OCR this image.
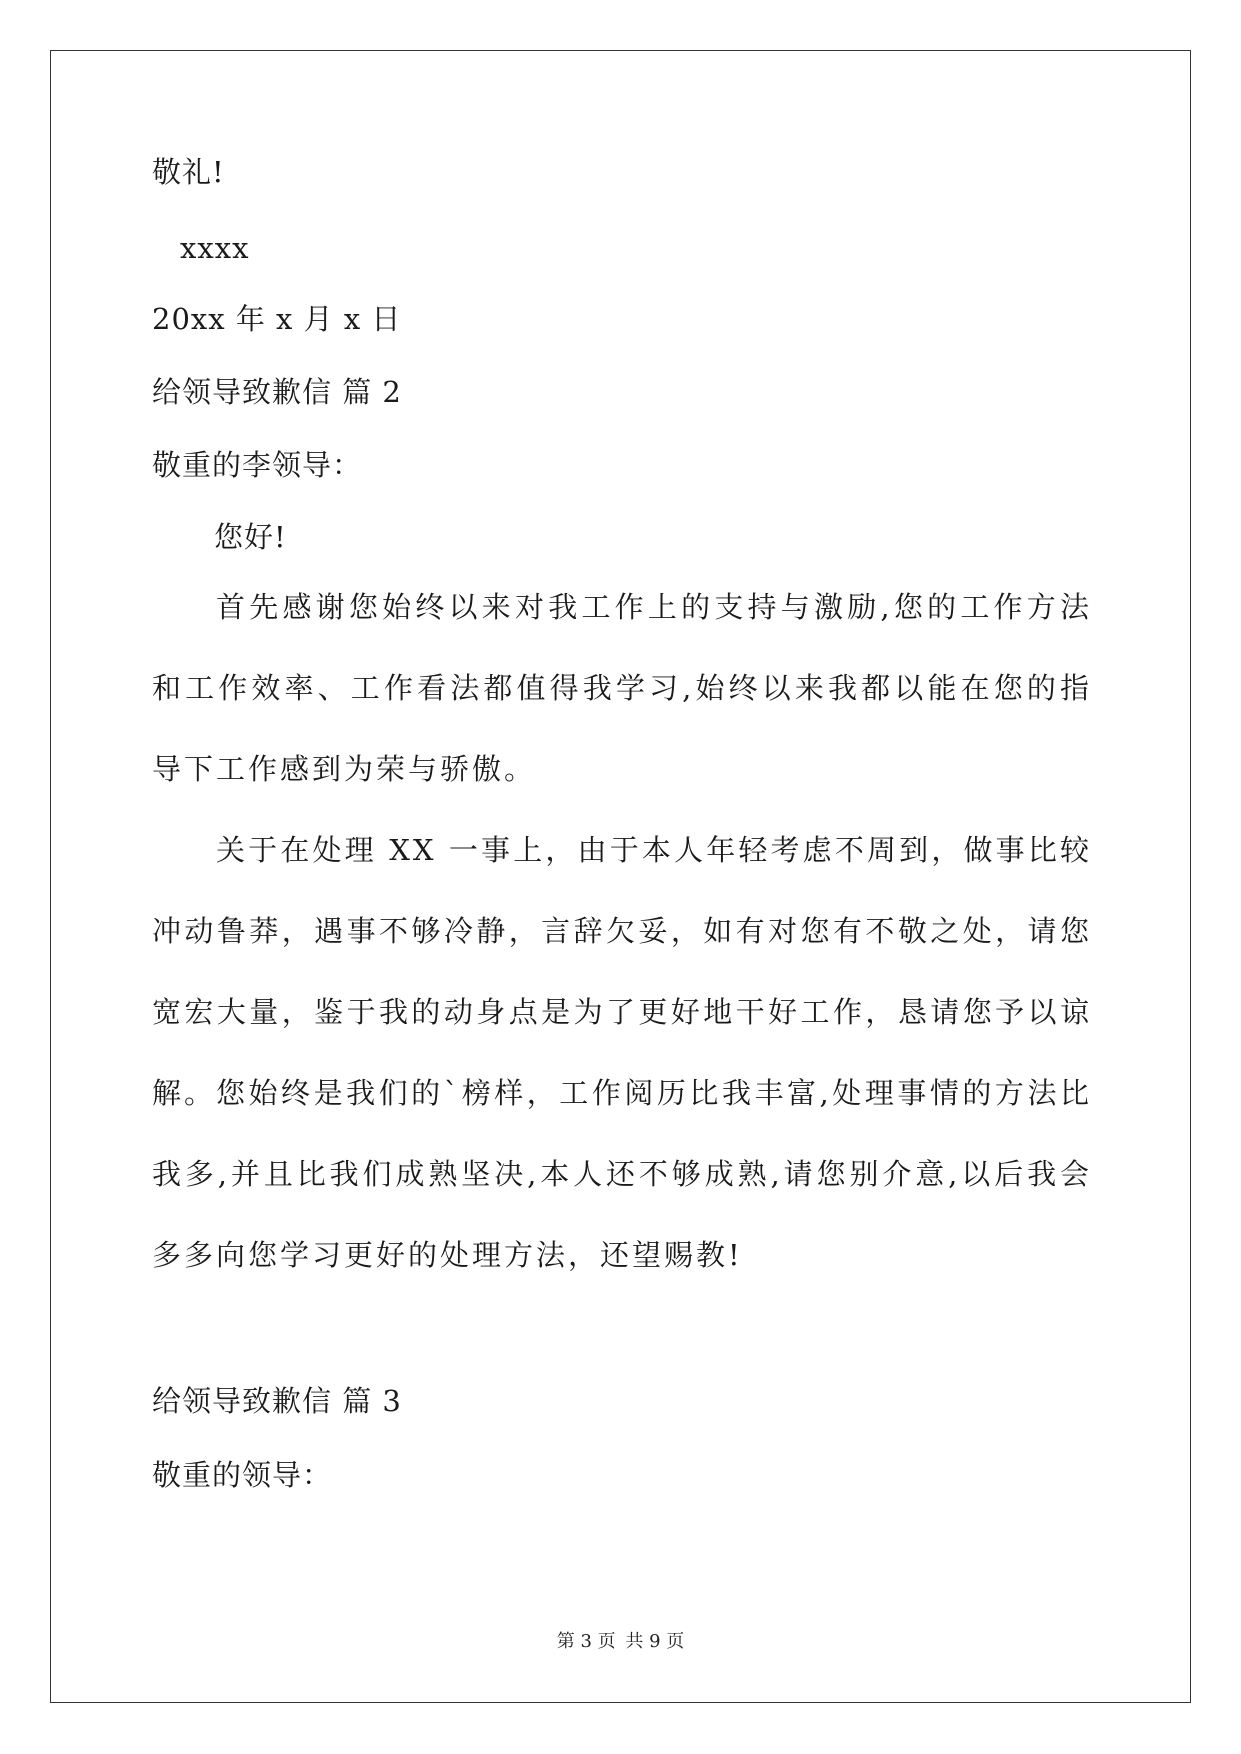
敬礼!
xxxx
20xx 年 x 月 x 日
给领导致歉信 篇 2
敬重的李领导：
您好!

首先感谢您始终以来对我工作上的支持与激励,您的工作方法和工作效率、工作看法都值得我学习,始终以来我都以能在您的指导下工作感到为荣与骄傲。

关于在处理 XX 一事上，由于本人年轻考虑不周到，做事比较冲动鲁莽，遇事不够冷静，言辞欠妥，如有对您有不敬之处，请您宽宏大量，鉴于我的动身点是为了更好地干好工作，恳请您予以谅解。 您始终是我们的`榜样，工作阅历比我丰富,处理事情的方法比我多,并且比我们成熟坚决,本人还不够成熟,请您别介意,以后我会多多向您学习更好的处理方法，还望赐教!

给领导致歉信 篇 3
敬重的领导：
第 3 页 共 9 页
